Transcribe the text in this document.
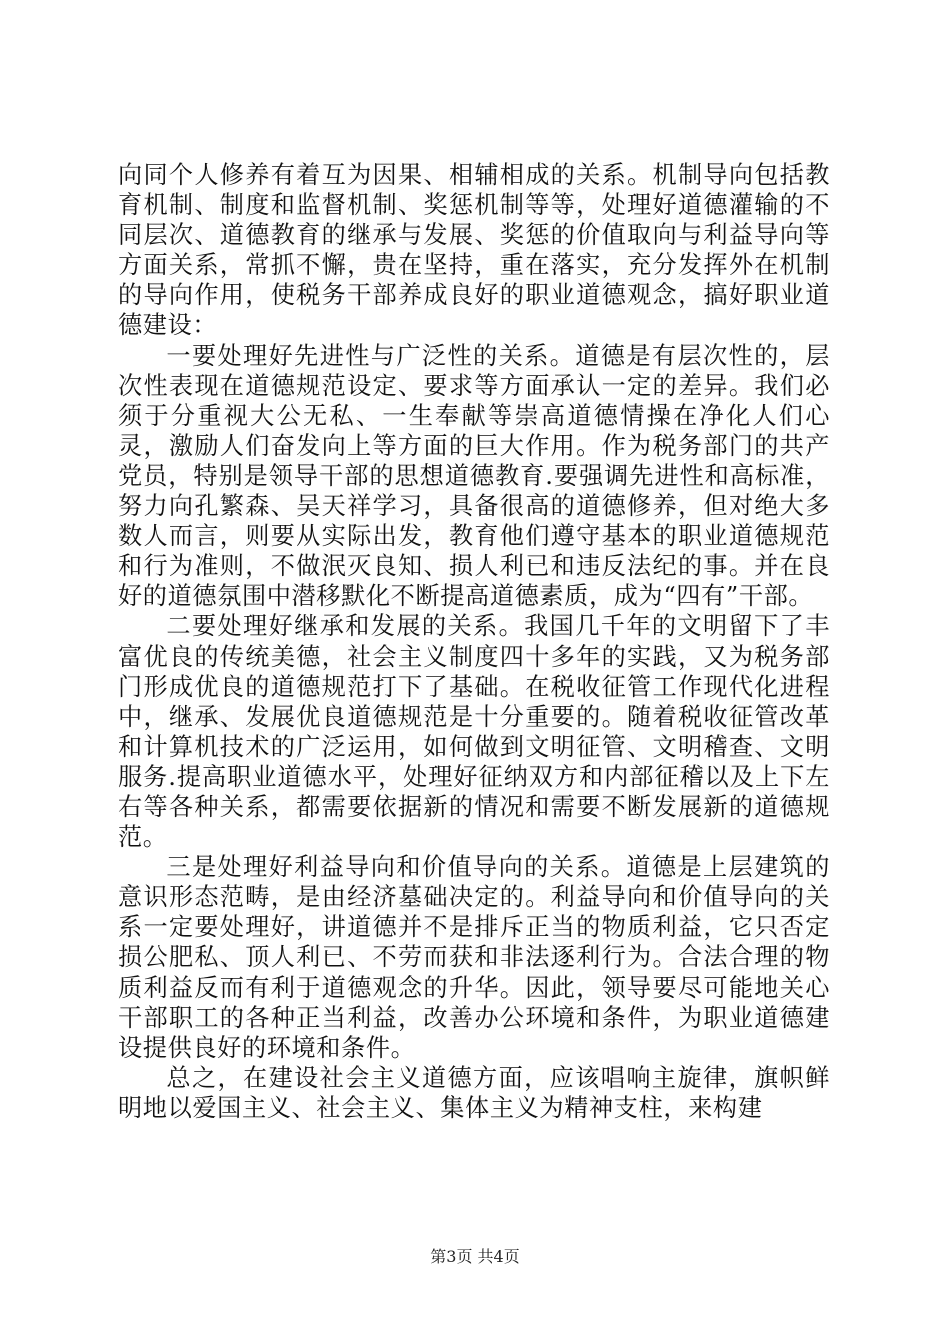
向同个人修养有着互为因果、相辅相成的关系。机制导向包括教育机制、制度和监督机制、奖惩机制等等，处理好道德灌输的不同层次、道德教育的继承与发展、奖惩的价值取向与利益导向等方面关系，常抓不懈，贵在坚持，重在落实，充分发挥外在机制的导向作用，使税务干部养成良好的职业道德观念，搞好职业道德建设：

一要处理好先进性与广泛性的关系。道德是有层次性的，层次性表现在道德规范设定、要求等方面承认一定的差异。我们必须于分重视大公无私、一生奉献等崇高道德情操在净化人们心灵，激励人们奋发向上等方面的巨大作用。作为税务部门的共产党员，特别是领导干部的思想道德教育.要强调先进性和高标准，努力向孔繁森、吴天祥学习，具备很高的道德修养，但对绝大多数人而言，则要从实际出发，教育他们遵守基本的职业道德规范和行为准则，不做泯灭良知、损人利已和违反法纪的事。并在良好的道德氛围中潜移默化不断提高道德素质，成为“四有”干部。

二要处理好继承和发展的关系。我国几千年的文明留下了丰富优良的传统美德，社会主义制度四十多年的实践，又为税务部门形成优良的道德规范打下了基础。在税收征管工作现代化进程中，继承、发展优良道德规范是十分重要的。随着税收征管改革和计算机技术的广泛运用，如何做到文明征管、文明稽查、文明服务.提高职业道德水平，处理好征纳双方和内部征稽以及上下左右等各种关系，都需要依据新的情况和需要不断发展新的道德规范。

三是处理好利益导向和价值导向的关系。道德是上层建筑的意识形态范畴，是由经济墓础决定的。利益导向和价值导向的关系一定要处理好，讲道德并不是排斥正当的物质利益，它只否定损公肥私、顶人利已、不劳而获和非法逐利行为。合法合理的物质利益反而有利于道德观念的升华。因此，领导要尽可能地关心干部职工的各种正当利益，改善办公环境和条件，为职业道德建设提供良好的环境和条件。

总之，在建设社会主义道德方面，应该唱响主旋律，旗帜鲜明地以爱国主义、社会主义、集体主义为精神支柱，来构建

第3页 共4页
